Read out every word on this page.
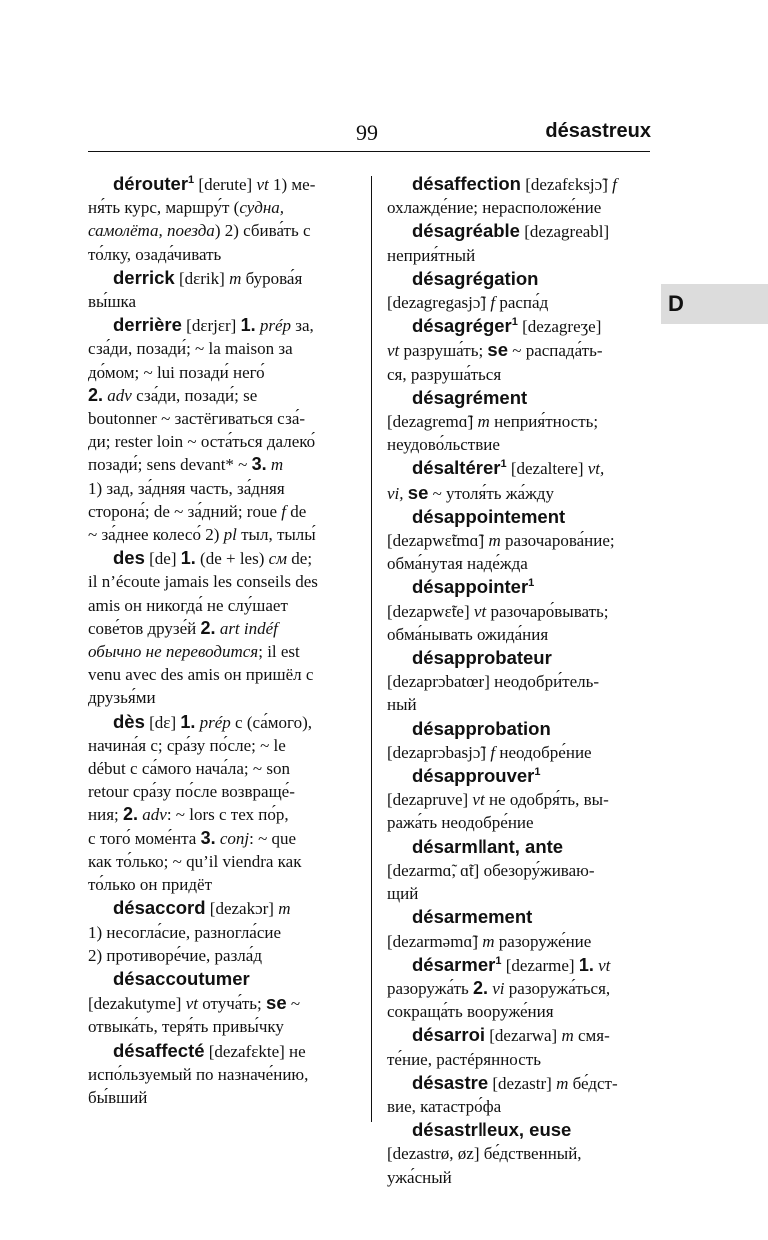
99	désastreux
D

dérouter$^1$ [derute] vt 1) ме-
ня́ть курс, маршру́т (судна,
самолёта, поезда) 2) сбива́ть с
то́лку, озада́чивать

derrick [dɛrik] m бурова́я
вы́шка

derrière [dɛrjɛr] 1. prép за,
сза́ди, позади́; ~ la maison за
до́мом; ~ lui позади́ него́
2. adv сза́ди, позади́; se
boutonner ~ застёгиваться сза́-
ди; rester loin ~ оста́ться далеко́
позади́; sens devant* ~ 3. m
1) зад, за́дняя часть, за́дняя
сторона́; de ~ за́дний; roue f de
~ за́днее колесо́ 2) pl тыл, тылы́

des [de] 1. (de + les) см de;
il n’écoute jamais les conseils des
amis он никогда́ не слу́шает
сове́тов друзе́й 2. art indéf
обычно не переводится; il est
venu avec des amis он пришёл с
друзья́ми

dès [dɛ] 1. prép с (са́мого),
начина́я с; сра́зу по́сле; ~ le
début с са́мого нача́ла; ~ son
retour сра́зу по́сле возвраще́-
ния; 2. adv: ~ lors с тех по́р,
с того́ моме́нта 3. conj: ~ que
как то́лько; ~ qu’il viendra как
то́лько он придёт

désaccord [dezakɔr] m
1) несогла́сие, разногла́сие
2) противоре́чие, разла́д

désaccoutumer
[dezakutyme] vt отуча́ть; se ~
отвыка́ть, теря́ть привы́чку

désaffecté [dezafɛkte] не
испо́льзуемый по назначе́нию,
бы́вший

désaffection [dezafɛksjɔ̃] f
охлажде́ние; нерасположе́ние

désagréable [dezagreabl]
неприя́тный

désagrégation
[dezagregasjɔ̃] f распа́д

désagréger$^1$ [dezagreʒe]
vt разруша́ть; se ~ распада́ть-
ся, разруша́ться

désagrément
[dezagremɑ̃] m неприя́тность;
неудово́льствие

désaltérer$^1$ [dezaltere] vt,
vi, se ~ утоля́ть жа́жду

désappointement
[dezapwɛ̃tmɑ̃] m разочарова́ние;
обма́нутая наде́жда

désappointer$^1$
[dezapwɛ̃te] vt разочаро́вывать;
обма́нывать ожида́ния

désapprobateur
[dezaprɔbatœr] неодобри́тель-
ный

désapprobation
[dezaprɔbasjɔ̃] f неодобре́ние

désapprouver$^1$
[dezapruve] vt не одобря́ть, вы-
ража́ть неодобре́ние

désarm‖ant, ante
[dezarmɑ̃, ɑ̃t] обезору́живаю-
щий

désarmement
[dezarməmɑ̃] m разоруже́ние

désarmer$^1$ [dezarme] 1. vt
разоружа́ть 2. vi разоружа́ться,
сокраща́ть вооруже́ния

désarroi [dezarwa] m смя-
те́ние, растéрянность

désastre [dezastr] m бе́дст-
вие, катастро́фа

désastr‖eux, euse
[dezastrø, øz] бе́дственный,
ужа́сный
